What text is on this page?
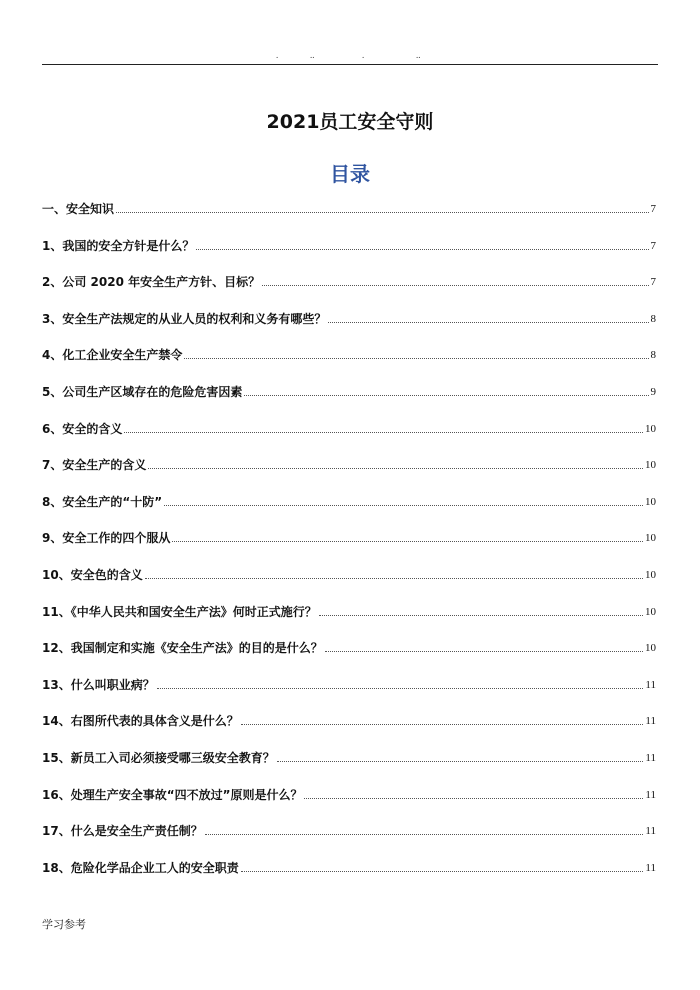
.	..	.	..
2021员工安全守则
目录
一、安全知识	7
1、我国的安全方针是什么？	7
2、公司 2020 年安全生产方针、目标？	7
3、安全生产法规定的从业人员的权利和义务有哪些？	8
4、化工企业安全生产禁令	8
5、公司生产区域存在的危险危害因素	9
6、安全的含义	10
7、安全生产的含义	10
8、安全生产的“十防”	10
9、安全工作的四个服从	10
10、安全色的含义	10
11、《中华人民共和国安全生产法》何时正式施行？	10
12、我国制定和实施《安全生产法》的目的是什么？	10
13、什么叫职业病？	11
14、右图所代表的具体含义是什么？	11
15、新员工入司必须接受哪三级安全教育？	11
16、处理生产安全事故“四不放过”原则是什么？	11
17、什么是安全生产责任制？	11
18、危险化学品企业工人的安全职责	11
学习参考
